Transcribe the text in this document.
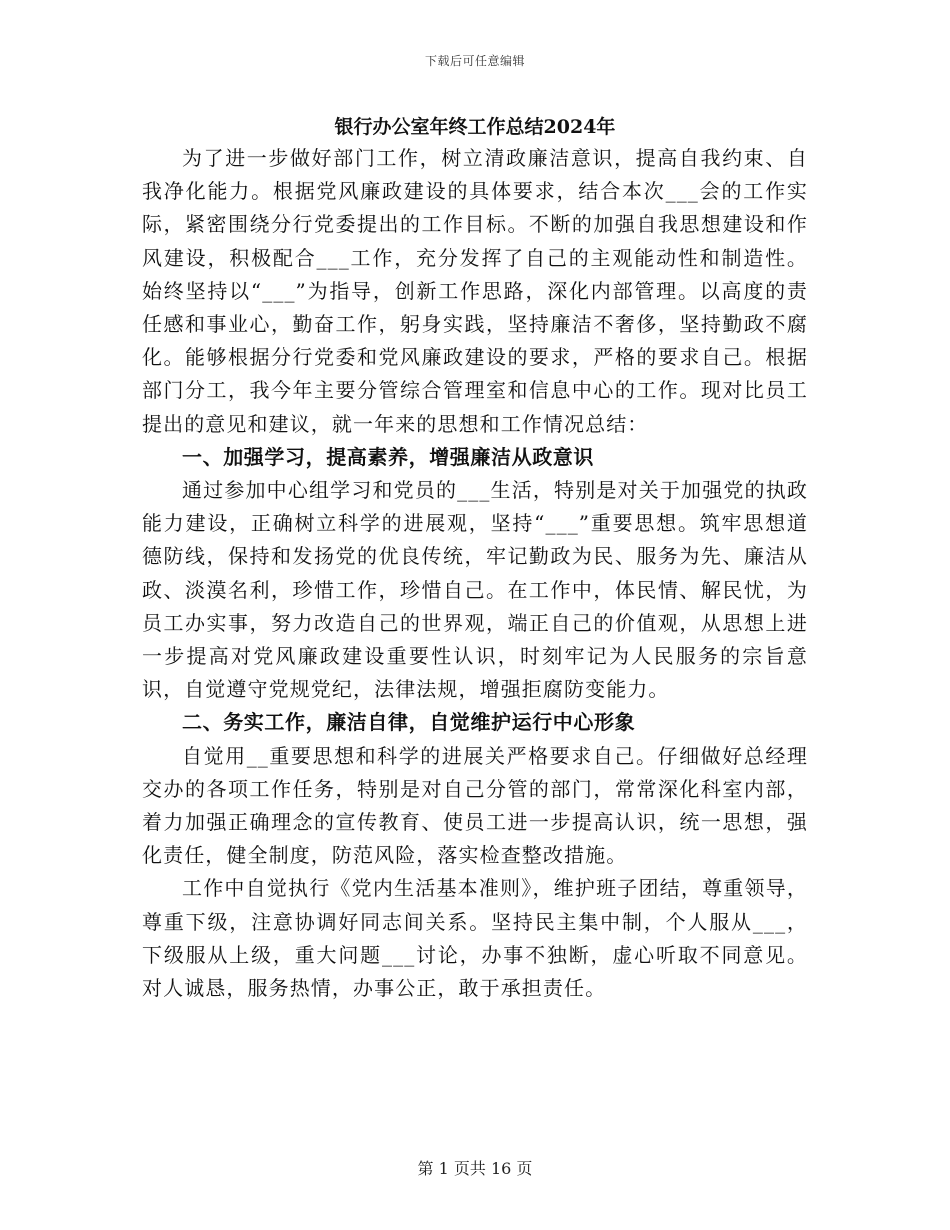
下载后可任意编辑

银行办公室年终工作总结2024年

为了进一步做好部门工作，树立清政廉洁意识，提高自我约束、自我净化能力。根据党风廉政建设的具体要求，结合本次___会的工作实际，紧密围绕分行党委提出的工作目标。不断的加强自我思想建设和作风建设，积极配合___工作，充分发挥了自己的主观能动性和制造性。始终坚持以“___”为指导，创新工作思路，深化内部管理。以高度的责任感和事业心，勤奋工作，躬身实践，坚持廉洁不奢侈，坚持勤政不腐化。能够根据分行党委和党风廉政建设的要求，严格的要求自己。根据部门分工，我今年主要分管综合管理室和信息中心的工作。现对比员工提出的意见和建议，就一年来的思想和工作情况总结：

一、加强学习，提高素养，增强廉洁从政意识

通过参加中心组学习和党员的___生活，特别是对关于加强党的执政能力建设，正确树立科学的进展观，坚持“___”重要思想。筑牢思想道德防线，保持和发扬党的优良传统，牢记勤政为民、服务为先、廉洁从政、淡漠名利，珍惜工作，珍惜自己。在工作中，体民情、解民忧，为员工办实事，努力改造自己的世界观，端正自己的价值观，从思想上进一步提高对党风廉政建设重要性认识，时刻牢记为人民服务的宗旨意识，自觉遵守党规党纪，法律法规，增强拒腐防变能力。

二、务实工作，廉洁自律，自觉维护运行中心形象

自觉用__重要思想和科学的进展关严格要求自己。仔细做好总经理交办的各项工作任务，特别是对自己分管的部门，常常深化科室内部，着力加强正确理念的宣传教育、使员工进一步提高认识，统一思想，强化责任，健全制度，防范风险，落实检查整改措施。

工作中自觉执行《党内生活基本准则》，维护班子团结，尊重领导，尊重下级，注意协调好同志间关系。坚持民主集中制，个人服从___，下级服从上级，重大问题___讨论，办事不独断，虚心听取不同意见。对人诚恳，服务热情，办事公正，敢于承担责任。

第 1 页共 16 页
